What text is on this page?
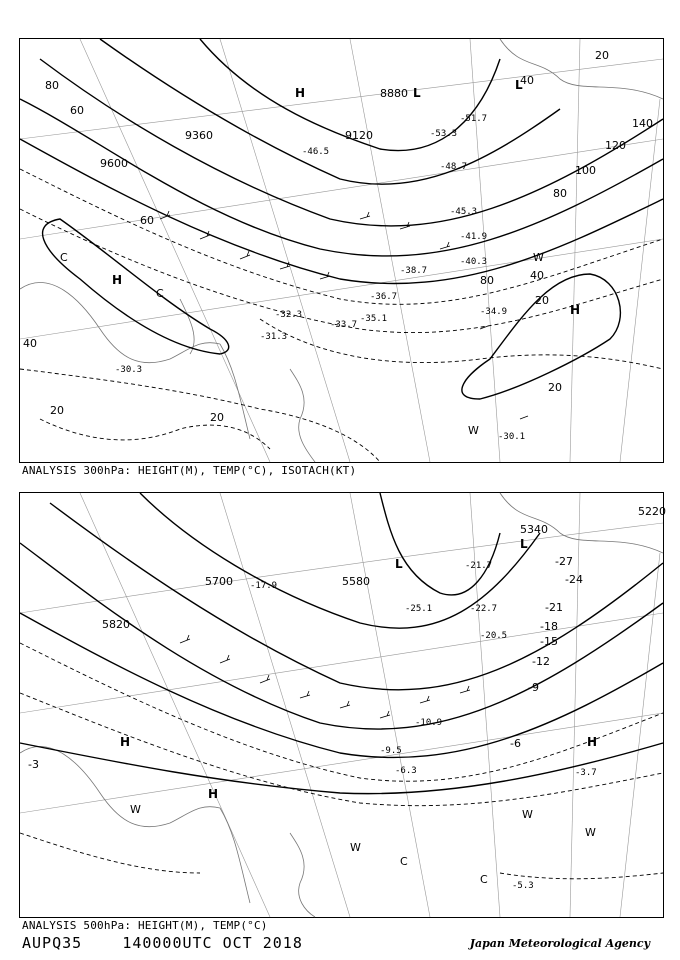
9360	9120
9600
8880
80
60
140
120
100
80
40
20
40
20
20
80
60
40
20
20
-46.5
-48.7
-51.7
-53.3
-45.3
-41.9
-40.3
-38.7
-36.7
-34.9
-33.7
-31.3
-30.3
-32.3	-35.1
-30.1
H	L
H
H
L
C
C
W
W
ANALYSIS 300hPa: HEIGHT(M), TEMP(°C), ISOTACH(KT)
5700	5580
5820
5220
5340
-27
-24
-21
-18
-15
-12
-9
-6
-3
-21.7
-25.1	-22.7
-20.5
-17.9
-10.9
-9.5
-6.3	-3.7
-5.3
H
H
H
L
L
W
W
W
W
C
C
ANALYSIS 500hPa: HEIGHT(M), TEMP(°C)
AUPQ35	140000UTC OCT 2018	Japan Meteorological Agency
